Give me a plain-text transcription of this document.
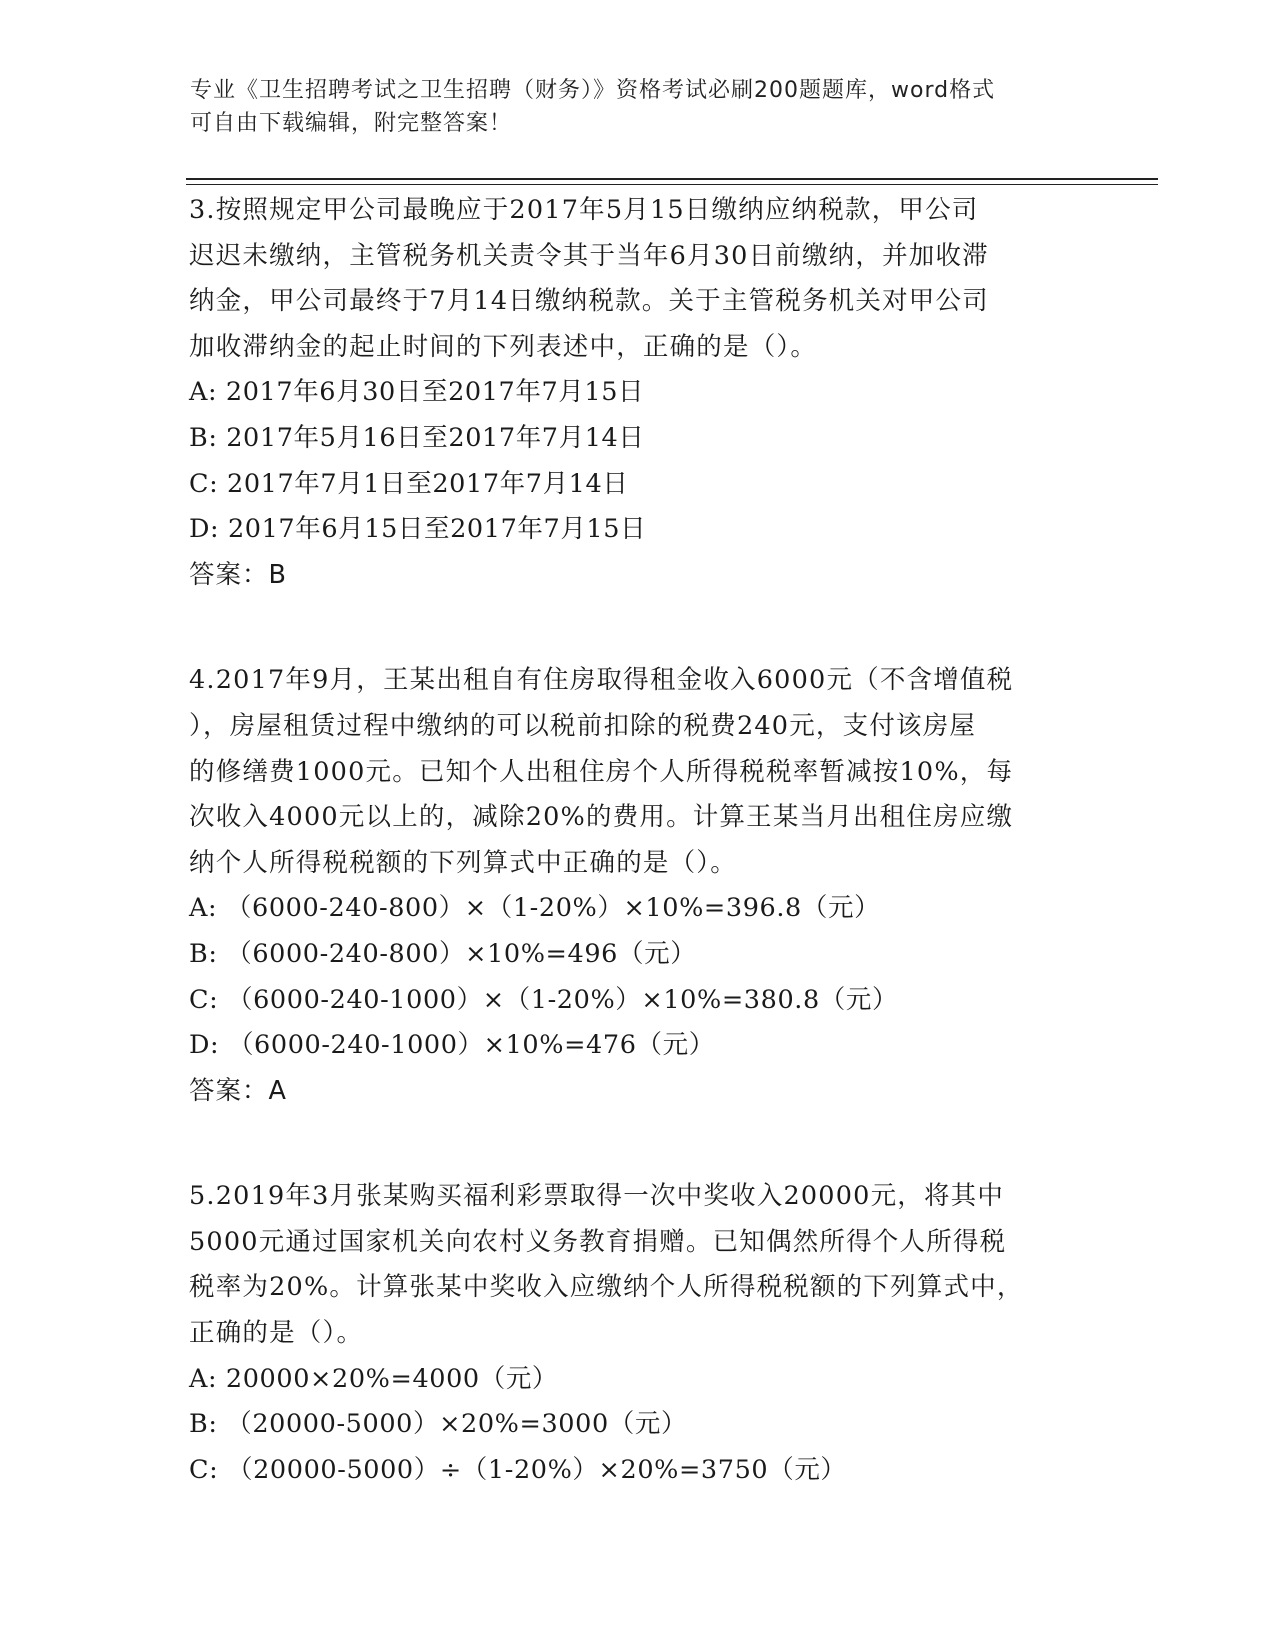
专业《卫生招聘考试之卫生招聘（财务）》资格考试必刷200题题库，word格式
可自由下载编辑，附完整答案！
3.按照规定甲公司最晚应于2017年5月15日缴纳应纳税款，甲公司
迟迟未缴纳，主管税务机关责令其于当年6月30日前缴纳，并加收滞
纳金，甲公司最终于7月14日缴纳税款。关于主管税务机关对甲公司
加收滞纳金的起止时间的下列表述中，正确的是（）。
A: 2017年6月30日至2017年7月15日
B: 2017年5月16日至2017年7月14日
C: 2017年7月1日至2017年7月14日
D: 2017年6月15日至2017年7月15日
答案：B
4.2017年9月，王某出租自有住房取得租金收入6000元（不含增值税
），房屋租赁过程中缴纳的可以税前扣除的税费240元，支付该房屋
的修缮费1000元。已知个人出租住房个人所得税税率暂减按10%，每
次收入4000元以上的，减除20%的费用。计算王某当月出租住房应缴
纳个人所得税税额的下列算式中正确的是（）。
A: （6000-240-800）×（1-20%）×10%=396.8（元）
B: （6000-240-800）×10%=496（元）
C: （6000-240-1000）×（1-20%）×10%=380.8（元）
D: （6000-240-1000）×10%=476（元）
答案：A
5.2019年3月张某购买福利彩票取得一次中奖收入20000元，将其中
5000元通过国家机关向农村义务教育捐赠。已知偶然所得个人所得税
税率为20%。计算张某中奖收入应缴纳个人所得税税额的下列算式中，
正确的是（）。
A: 20000×20%=4000（元）
B: （20000-5000）×20%=3000（元）
C: （20000-5000）÷（1-20%）×20%=3750（元）
